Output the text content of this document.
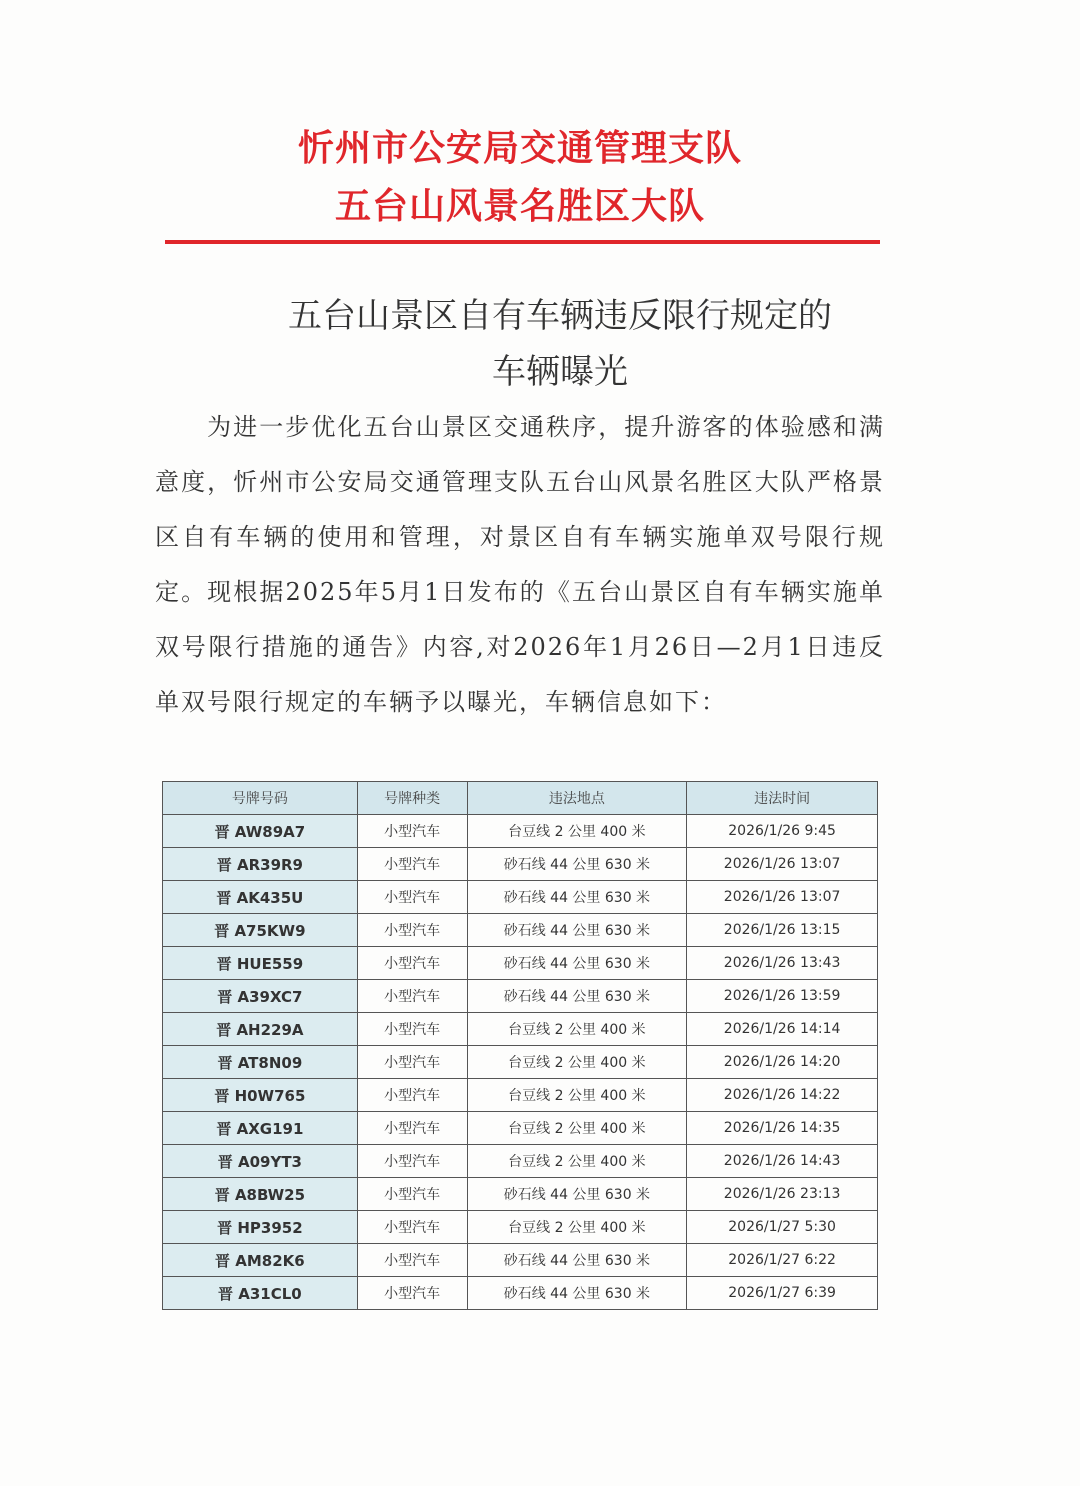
忻州市公安局交通管理支队
五台山风景名胜区大队
五台山景区自有车辆违反限行规定的
车辆曝光
为进一步优化五台山景区交通秩序，提升游客的体验感和满意度，忻州市公安局交通管理支队五台山风景名胜区大队严格景区自有车辆的使用和管理，对景区自有车辆实施单双号限行规定。现根据2025年5月1日发布的《五台山景区自有车辆实施单双号限行措施的通告》内容,对2026年1月26日—2月1日违反单双号限行规定的车辆予以曝光，车辆信息如下：
号牌号码	号牌种类	违法地点	违法时间
晋 AW89A7	小型汽车	台豆线 2 公里 400 米	2026/1/26 9:45
晋 AR39R9	小型汽车	砂石线 44 公里 630 米	2026/1/26 13:07
晋 AK435U	小型汽车	砂石线 44 公里 630 米	2026/1/26 13:07
晋 A75KW9	小型汽车	砂石线 44 公里 630 米	2026/1/26 13:15
晋 HUE559	小型汽车	砂石线 44 公里 630 米	2026/1/26 13:43
晋 A39XC7	小型汽车	砂石线 44 公里 630 米	2026/1/26 13:59
晋 AH229A	小型汽车	台豆线 2 公里 400 米	2026/1/26 14:14
晋 AT8N09	小型汽车	台豆线 2 公里 400 米	2026/1/26 14:20
晋 H0W765	小型汽车	台豆线 2 公里 400 米	2026/1/26 14:22
晋 AXG191	小型汽车	台豆线 2 公里 400 米	2026/1/26 14:35
晋 A09YT3	小型汽车	台豆线 2 公里 400 米	2026/1/26 14:43
晋 A8BW25	小型汽车	砂石线 44 公里 630 米	2026/1/26 23:13
晋 HP3952	小型汽车	台豆线 2 公里 400 米	2026/1/27 5:30
晋 AM82K6	小型汽车	砂石线 44 公里 630 米	2026/1/27 6:22
晋 A31CL0	小型汽车	砂石线 44 公里 630 米	2026/1/27 6:39
